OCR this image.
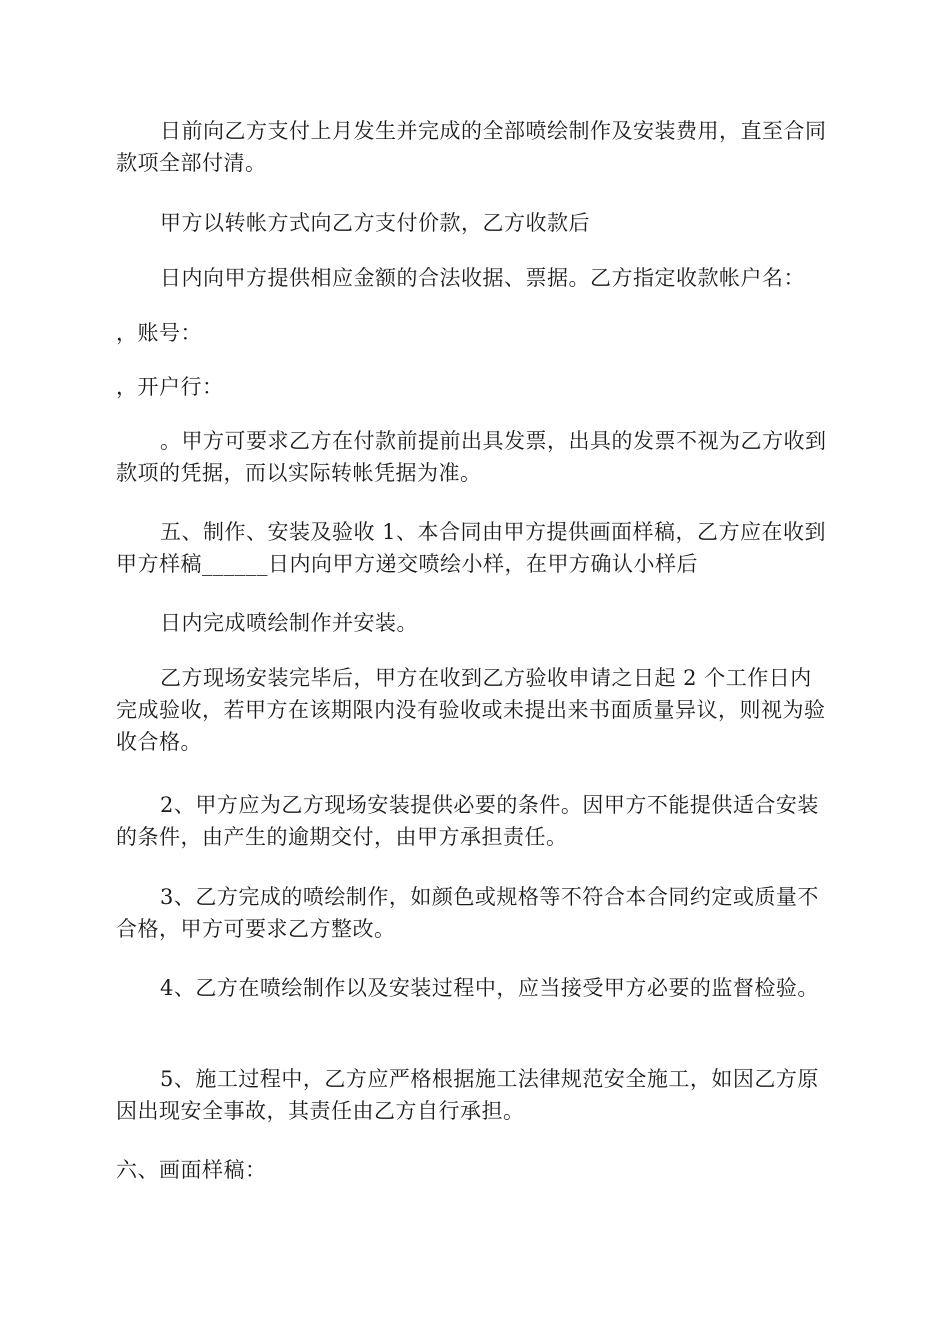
日前向乙方支付上月发生并完成的全部喷绘制作及安装费用，直至合同款项全部付清。
甲方以转帐方式向乙方支付价款，乙方收款后
日内向甲方提供相应金额的合法收据、票据。乙方指定收款帐户名：
，账号：
，开户行：
。甲方可要求乙方在付款前提前出具发票，出具的发票不视为乙方收到款项的凭据，而以实际转帐凭据为准。
五、制作、安装及验收 1、本合同由甲方提供画面样稿，乙方应在收到甲方样稿______日内向甲方递交喷绘小样，在甲方确认小样后
日内完成喷绘制作并安装。
乙方现场安装完毕后，甲方在收到乙方验收申请之日起 2 个工作日内完成验收，若甲方在该期限内没有验收或未提出来书面质量异议，则视为验收合格。
2、甲方应为乙方现场安装提供必要的条件。因甲方不能提供适合安装的条件，由产生的逾期交付，由甲方承担责任。
3、乙方完成的喷绘制作，如颜色或规格等不符合本合同约定或质量不合格，甲方可要求乙方整改。
4、乙方在喷绘制作以及安装过程中，应当接受甲方必要的监督检验。
5、施工过程中，乙方应严格根据施工法律规范安全施工，如因乙方原因出现安全事故，其责任由乙方自行承担。
六、画面样稿：
